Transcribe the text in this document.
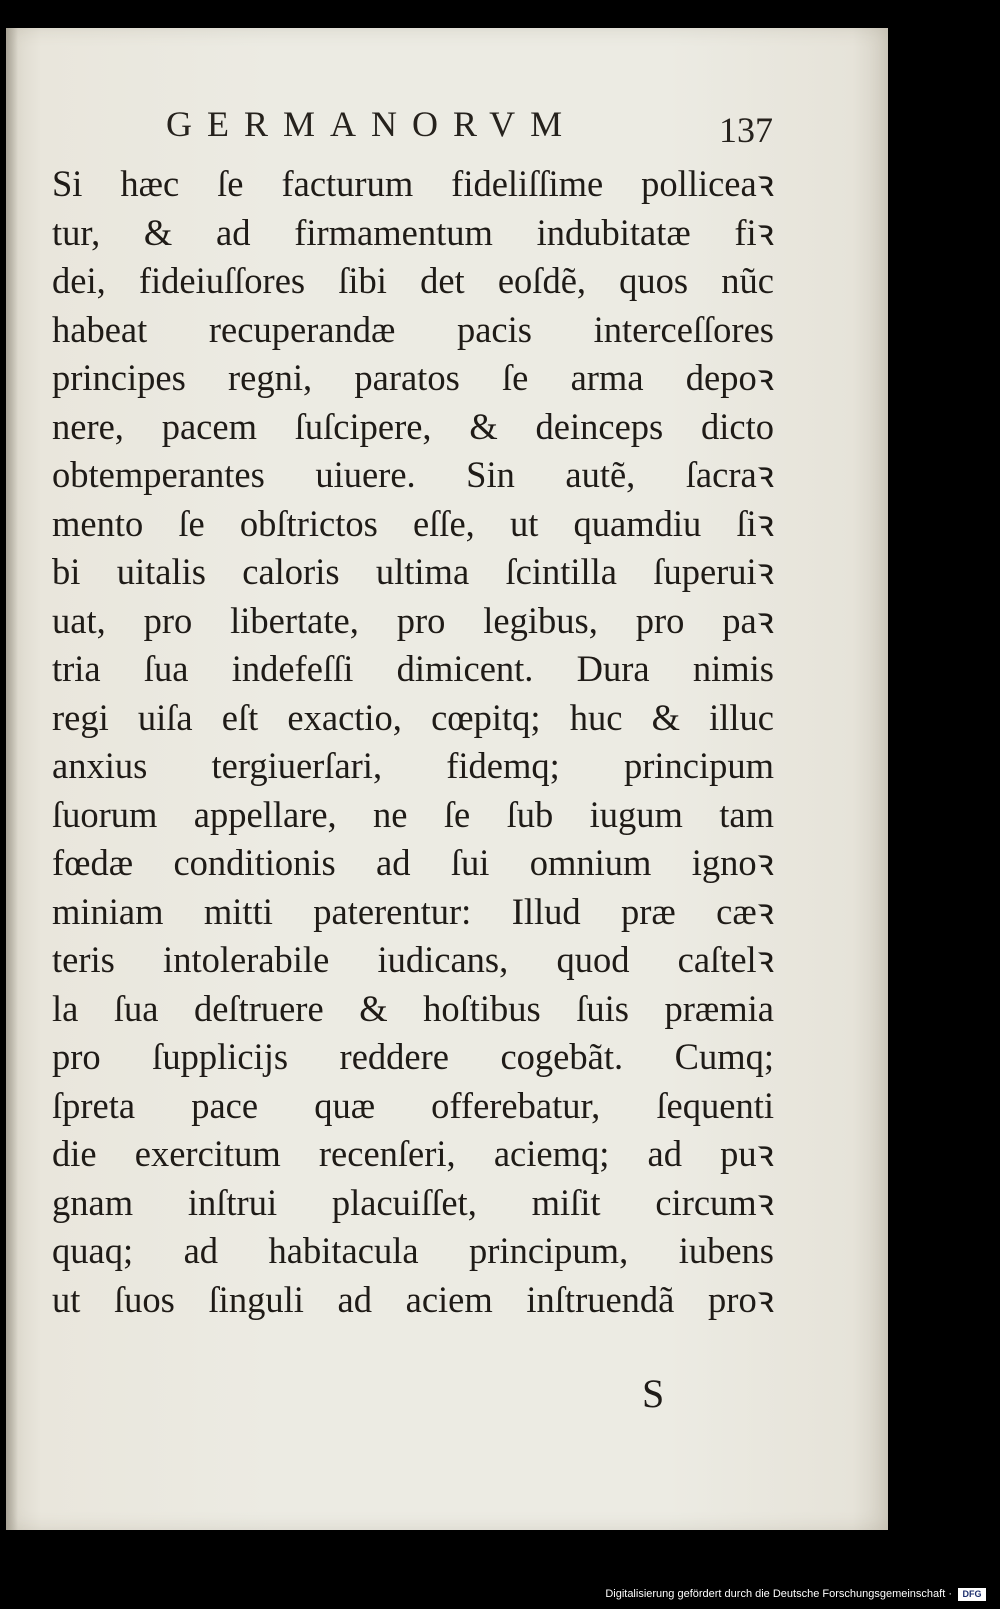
GERMANORVM	137
Si hæc ſe facturum fideliſſime polliceaꝛ
tur, & ad firmamentum indubitatæ fiꝛ
dei, fideiuſſores ſibi det eoſdẽ, quos nũc
habeat recuperandæ pacis interceſſores
principes regni, paratos ſe arma depoꝛ
nere, pacem ſuſcipere, & deinceps dicto
obtemperantes uiuere. Sin autẽ, ſacraꝛ
mento ſe obſtrictos eſſe, ut quamdiu ſiꝛ
bi uitalis caloris ultima ſcintilla ſuperuiꝛ
uat, pro libertate, pro legibus, pro paꝛ
tria ſua indefeſſi dimicent. Dura nimis
regi uiſa eſt exactio, cœpitq; huc & illuc
anxius tergiuerſari, fidemq; principum
ſuorum appellare, ne ſe ſub iugum tam
fœdæ conditionis ad ſui omnium ignoꝛ
miniam mitti paterentur: Illud præ cæꝛ
teris intolerabile iudicans, quod caſtelꝛ
la ſua deſtruere & hoſtibus ſuis præmia
pro ſupplicijs reddere cogebãt. Cumq;
ſpreta pace quæ offerebatur, ſequenti
die exercitum recenſeri, aciemq; ad puꝛ
gnam inſtrui placuiſſet, miſit circumꝛ
quaq; ad habitacula principum, iubens
ut ſuos ſinguli ad aciem inſtruendã proꝛ
S
Digitalisierung gefördert durch die Deutsche Forschungsgemeinschaft ·	DFG
